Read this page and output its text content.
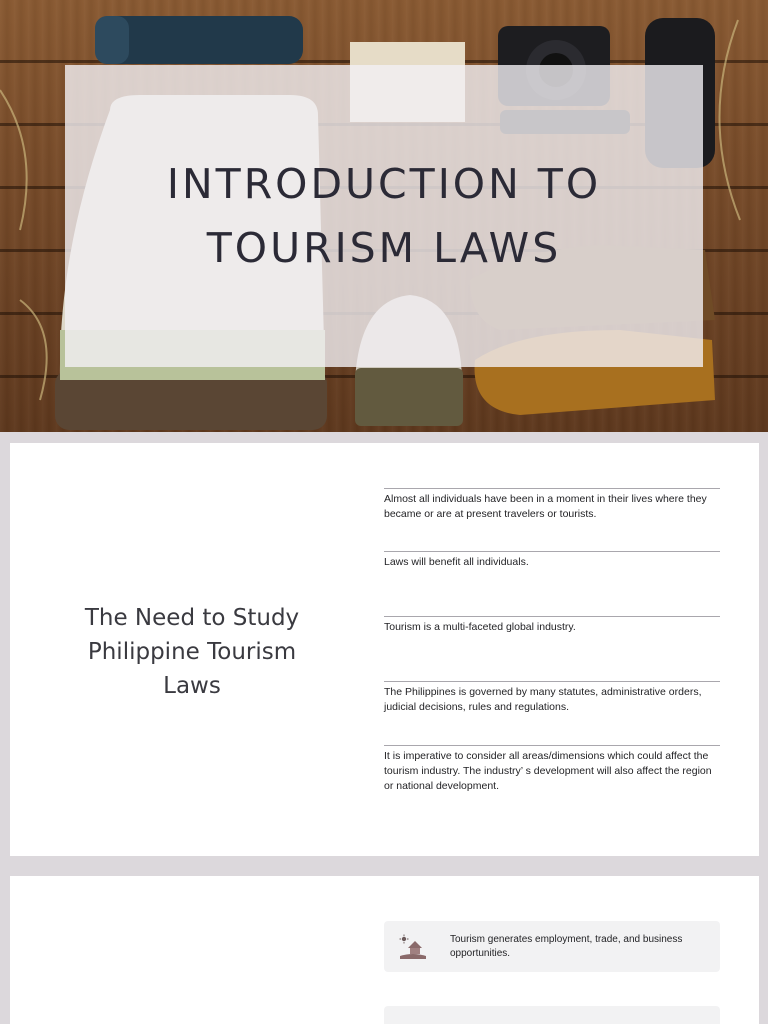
INTRODUCTION TO
TOURISM LAWS
The Need to Study Philippine Tourism Laws
Almost all individuals have been in a moment in their lives where they became or are at present travelers or tourists.
Laws will benefit all individuals.
Tourism is a multi-faceted global industry.
The Philippines is governed by many statutes, administrative orders, judicial decisions, rules and regulations.
It is imperative to consider all areas/dimensions which could affect the tourism industry. The industry’ s development will also affect the region or national development.
Tourism generates employment, trade, and business opportunities.
